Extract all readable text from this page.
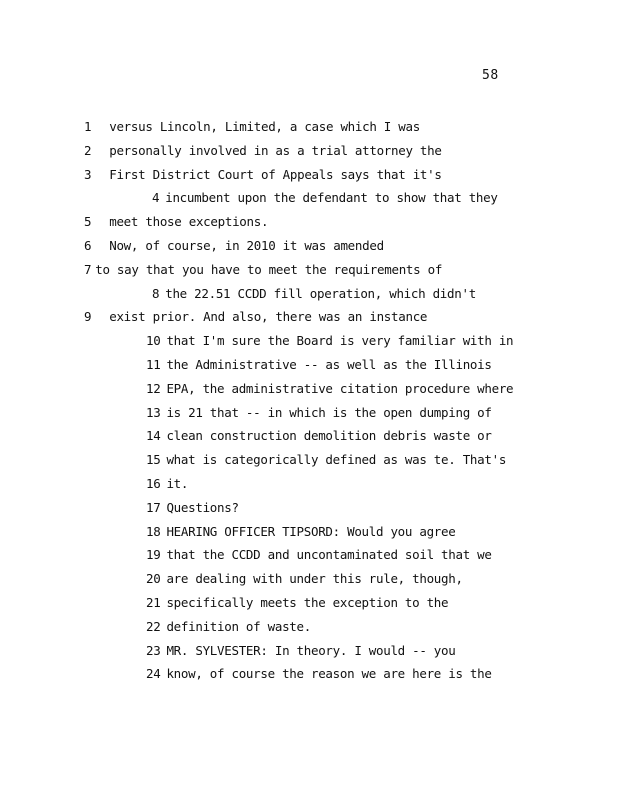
58
1 versus Lincoln, Limited, a case which I was
2 personally involved in as a trial attorney the
3 First District Court of Appeals says that it's
4 incumbent upon the defendant to show that they
5 meet those exceptions.
6 Now, of course, in 2010 it was amended
7 to say that you have to meet the requirements of
8 the 22.51 CCDD fill operation, which didn't
9 exist prior. And also, there was an instance
10 that I'm sure the Board is very familiar with in
11 the Administrative -- as well as the Illinois
12 EPA, the administrative citation procedure where
13 is 21 that -- in which is the open dumping of
14 clean construction demolition debris waste or
15 what is categorically defined as was te. That's
16 it.
17 Questions?
18 HEARING OFFICER TIPSORD: Would you agree
19 that the CCDD and uncontaminated soil that we
20 are dealing with under this rule, though,
21 specifically meets the exception to the
22 definition of waste.
23 MR. SYLVESTER: In theory. I would -- you
24 know, of course the reason we are here is the
